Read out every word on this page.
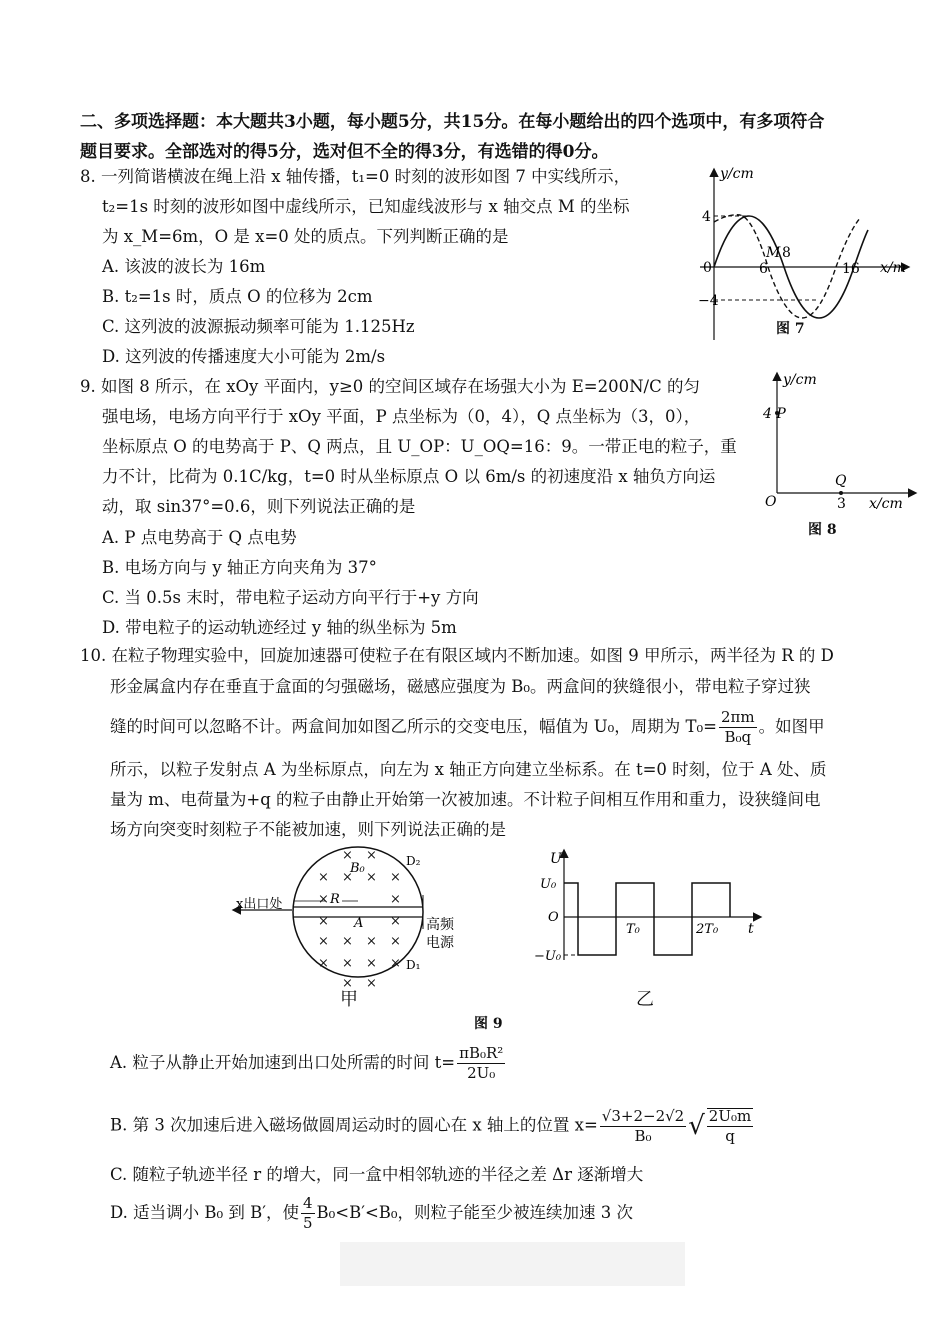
二、多项选择题：本大题共3小题，每小题5分，共15分。在每小题给出的四个选项中，有多项符合
题目要求。全部选对的得5分，选对但不全的得3分，有选错的得0分。
8. 一列简谐横波在绳上沿 x 轴传播，t₁=0 时刻的波形如图 7 中实线所示，
t₂=1s 时刻的波形如图中虚线所示，已知虚线波形与 x 轴交点 M 的坐标
为 x_M=6m，O 是 x=0 处的质点。下列判断正确的是
A. 该波的波长为 16m
B. t₂=1s 时，质点 O 的位移为 2cm
C. 这列波的波源振动频率可能为 1.125Hz
D. 这列波的传播速度大小可能为 2m/s
y/cm
x/m
4
−4
0	6
M 8
16
图 7
9. 如图 8 所示，在 xOy 平面内，y≥0 的空间区域存在场强大小为 E=200N/C 的匀
强电场，电场方向平行于 xOy 平面，P 点坐标为（0，4），Q 点坐标为（3，0），
坐标原点 O 的电势高于 P、Q 两点，且 U_OP：U_OQ=16：9。一带正电的粒子，重
力不计，比荷为 0.1C/kg，t=0 时从坐标原点 O 以 6m/s 的初速度沿 x 轴负方向运
动，取 sin37°=0.6，则下列说法正确的是
A. P 点电势高于 Q 点电势
B. 电场方向与 y 轴正方向夹角为 37°
C. 当 0.5s 末时，带电粒子运动方向平行于+y 方向
D. 带电粒子的运动轨迹经过 y 轴的纵坐标为 5m
y/cm
4 P
Q
O	3 x/cm
图 8
10. 在粒子物理实验中，回旋加速器可使粒子在有限区域内不断加速。如图 9 甲所示，两半径为 R 的 D
形金属盒内存在垂直于盒面的匀强磁场，磁感应强度为 B₀。两盒间的狭缝很小，带电粒子穿过狭
缝的时间可以忽略不计。两盒间加如图乙所示的交变电压，幅值为 U₀，周期为 $T_0= \frac{2\pi m}{\text{B₀q}}$ 。如图甲
所示，以粒子发射点 A 为坐标原点，向左为 x 轴正方向建立坐标系。在 t=0 时刻，位于 A 处、质
量为 m、电荷量为+q 的粒子由静止开始第一次被加速。不计粒子间相互作用和重力，设狭缝间电
场方向突变时刻粒子不能被加速，则下列说法正确的是
× ×
× × × ×
×	×
× × × ×
× × × ×
× ×
×	×
B₀
R
A
D₂
D₁
x出口处
高频
电源
甲
U
U₀
−U₀
O
T₀	2T₀ t
乙
图 9
A. 粒子从静止开始加速到出口处所需的时间 $t= \frac{\text{πB₀R²}}{\text{2U₀}}$
B. 第 3 次加速后进入磁场做圆周运动时的圆心在 x 轴上的位置 $x= \frac{√3+2-2√2}{\text{B₀}}$ √ $\frac{\text{2U₀m}}{q}$
C. 随粒子轨迹半径 r 的增大，同一盒中相邻轨迹的半径之差 Δr 逐渐增大
D. 适当调小 B₀ 到 B′，使 $\frac{4}{5} B_0<B'<B_0$，则粒子能至少被连续加速 3 次
